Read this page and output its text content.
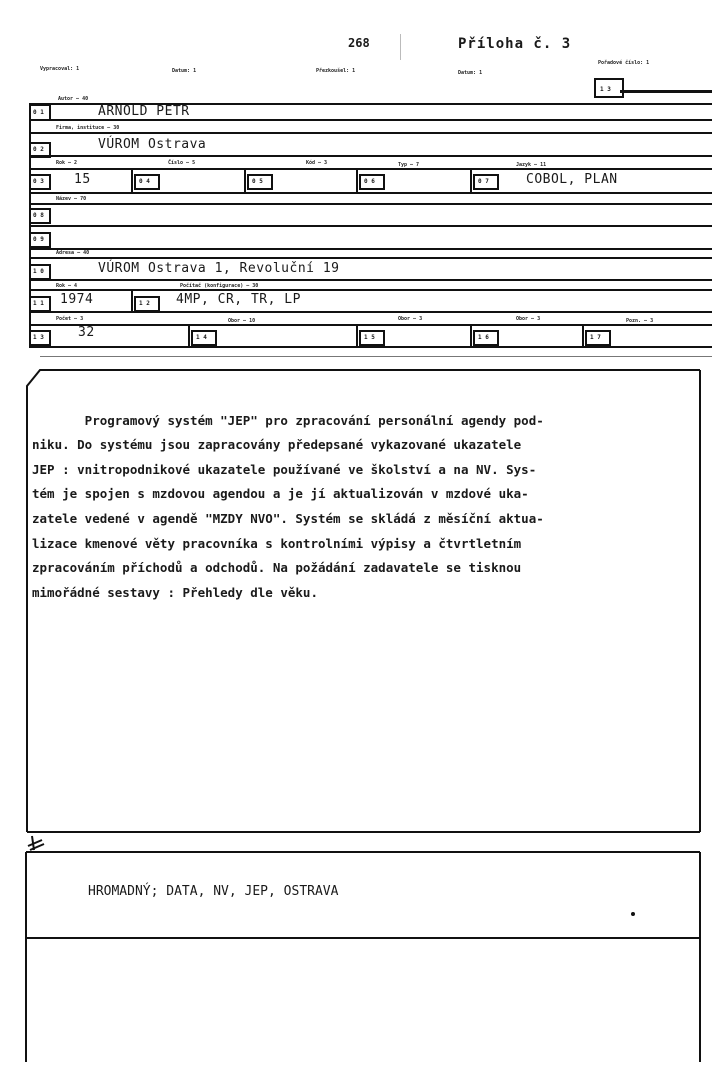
268	Příloha č. 3
Vypracoval: 1	Datum: 1	Přezkoušel: 1	Datum: 1
Pořadové číslo: 1
1 3
Autor — 40
0 1	ARNOLD PETR
Firma, instituce — 30
0 2	VÚROM Ostrava
Rok — 2	Číslo — 5	Kód — 3	Typ — 7	Jazyk — 11
0 3 15	0 4	0 5	0 6	0 7	COBOL, PLAN
Název — 70
0 8
0 9
Adresa — 40
1 0	VÚROM Ostrava 1, Revoluční 19
Rok — 4	Počítač (konfigurace) — 30
1 1 1974	1 2 4MP, CR, TR, LP
Počet — 3	Obor — 10	Obor — 3	Obor — 3	Pozn. — 3
1 3	32	1 4	1 5	1 6	1 7

Programový systém "JEP" pro zpracování personální agendy pod-
niku. Do systému jsou zapracovány předepsané vykazované ukazatele
JEP : vnitropodnikové ukazatele používané ve školství a na NV. Sys-
tém je spojen s mzdovou agendou a je jí aktualizován v mzdové uka-
zatele vedené v agendě "MZDY NVO". Systém se skládá z měsíční aktua-
lizace kmenové věty pracovníka s kontrolními výpisy a čtvrtletním
zpracováním příchodů a odchodů. Na požádání zadavatele se tisknou
mimořádné sestavy : Přehledy dle věku.

HROMADNÝ; DATA, NV, JEP, OSTRAVA
